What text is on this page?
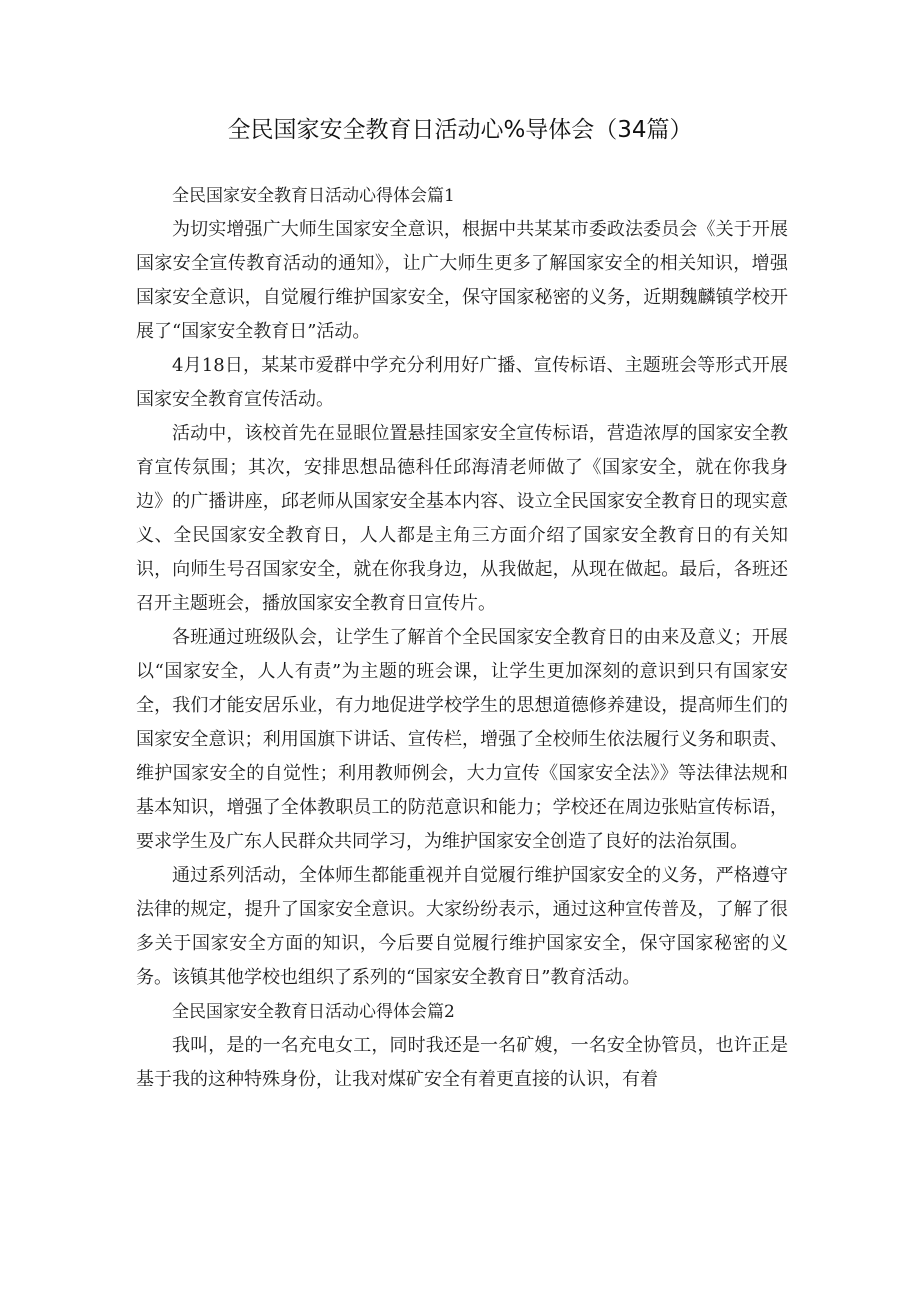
全民国家安全教育日活动心%导体会（34篇）

全民国家安全教育日活动心得体会篇1

为切实增强广大师生国家安全意识，根据中共某某市委政法委员会《关于开展国家安全宣传教育活动的通知》，让广大师生更多了解国家安全的相关知识，增强国家安全意识，自觉履行维护国家安全，保守国家秘密的义务，近期魏麟镇学校开展了“国家安全教育日”活动。

4月18日，某某市爱群中学充分利用好广播、宣传标语、主题班会等形式开展国家安全教育宣传活动。

活动中，该校首先在显眼位置悬挂国家安全宣传标语，营造浓厚的国家安全教育宣传氛围；其次，安排思想品德科任邱海清老师做了《国家安全，就在你我身边》的广播讲座，邱老师从国家安全基本内容、设立全民国家安全教育日的现实意义、全民国家安全教育日，人人都是主角三方面介绍了国家安全教育日的有关知识，向师生号召国家安全，就在你我身边，从我做起，从现在做起。最后，各班还召开主题班会，播放国家安全教育日宣传片。

各班通过班级队会，让学生了解首个全民国家安全教育日的由来及意义；开展以“国家安全，人人有责”为主题的班会课，让学生更加深刻的意识到只有国家安全，我们才能安居乐业，有力地促进学校学生的思想道德修养建设，提高师生们的国家安全意识；利用国旗下讲话、宣传栏，增强了全校师生依法履行义务和职责、维护国家安全的自觉性；利用教师例会，大力宣传《国家安全法》》等法律法规和基本知识，增强了全体教职员工的防范意识和能力；学校还在周边张贴宣传标语，要求学生及广东人民群众共同学习，为维护国家安全创造了良好的法治氛围。

通过系列活动，全体师生都能重视并自觉履行维护国家安全的义务，严格遵守法律的规定，提升了国家安全意识。大家纷纷表示，通过这种宣传普及，了解了很多关于国家安全方面的知识，今后要自觉履行维护国家安全，保守国家秘密的义务。该镇其他学校也组织了系列的“国家安全教育日”教育活动。

全民国家安全教育日活动心得体会篇2

我叫，是的一名充电女工，同时我还是一名矿嫂，一名安全协管员，也许正是基于我的这种特殊身份，让我对煤矿安全有着更直接的认识，有着
